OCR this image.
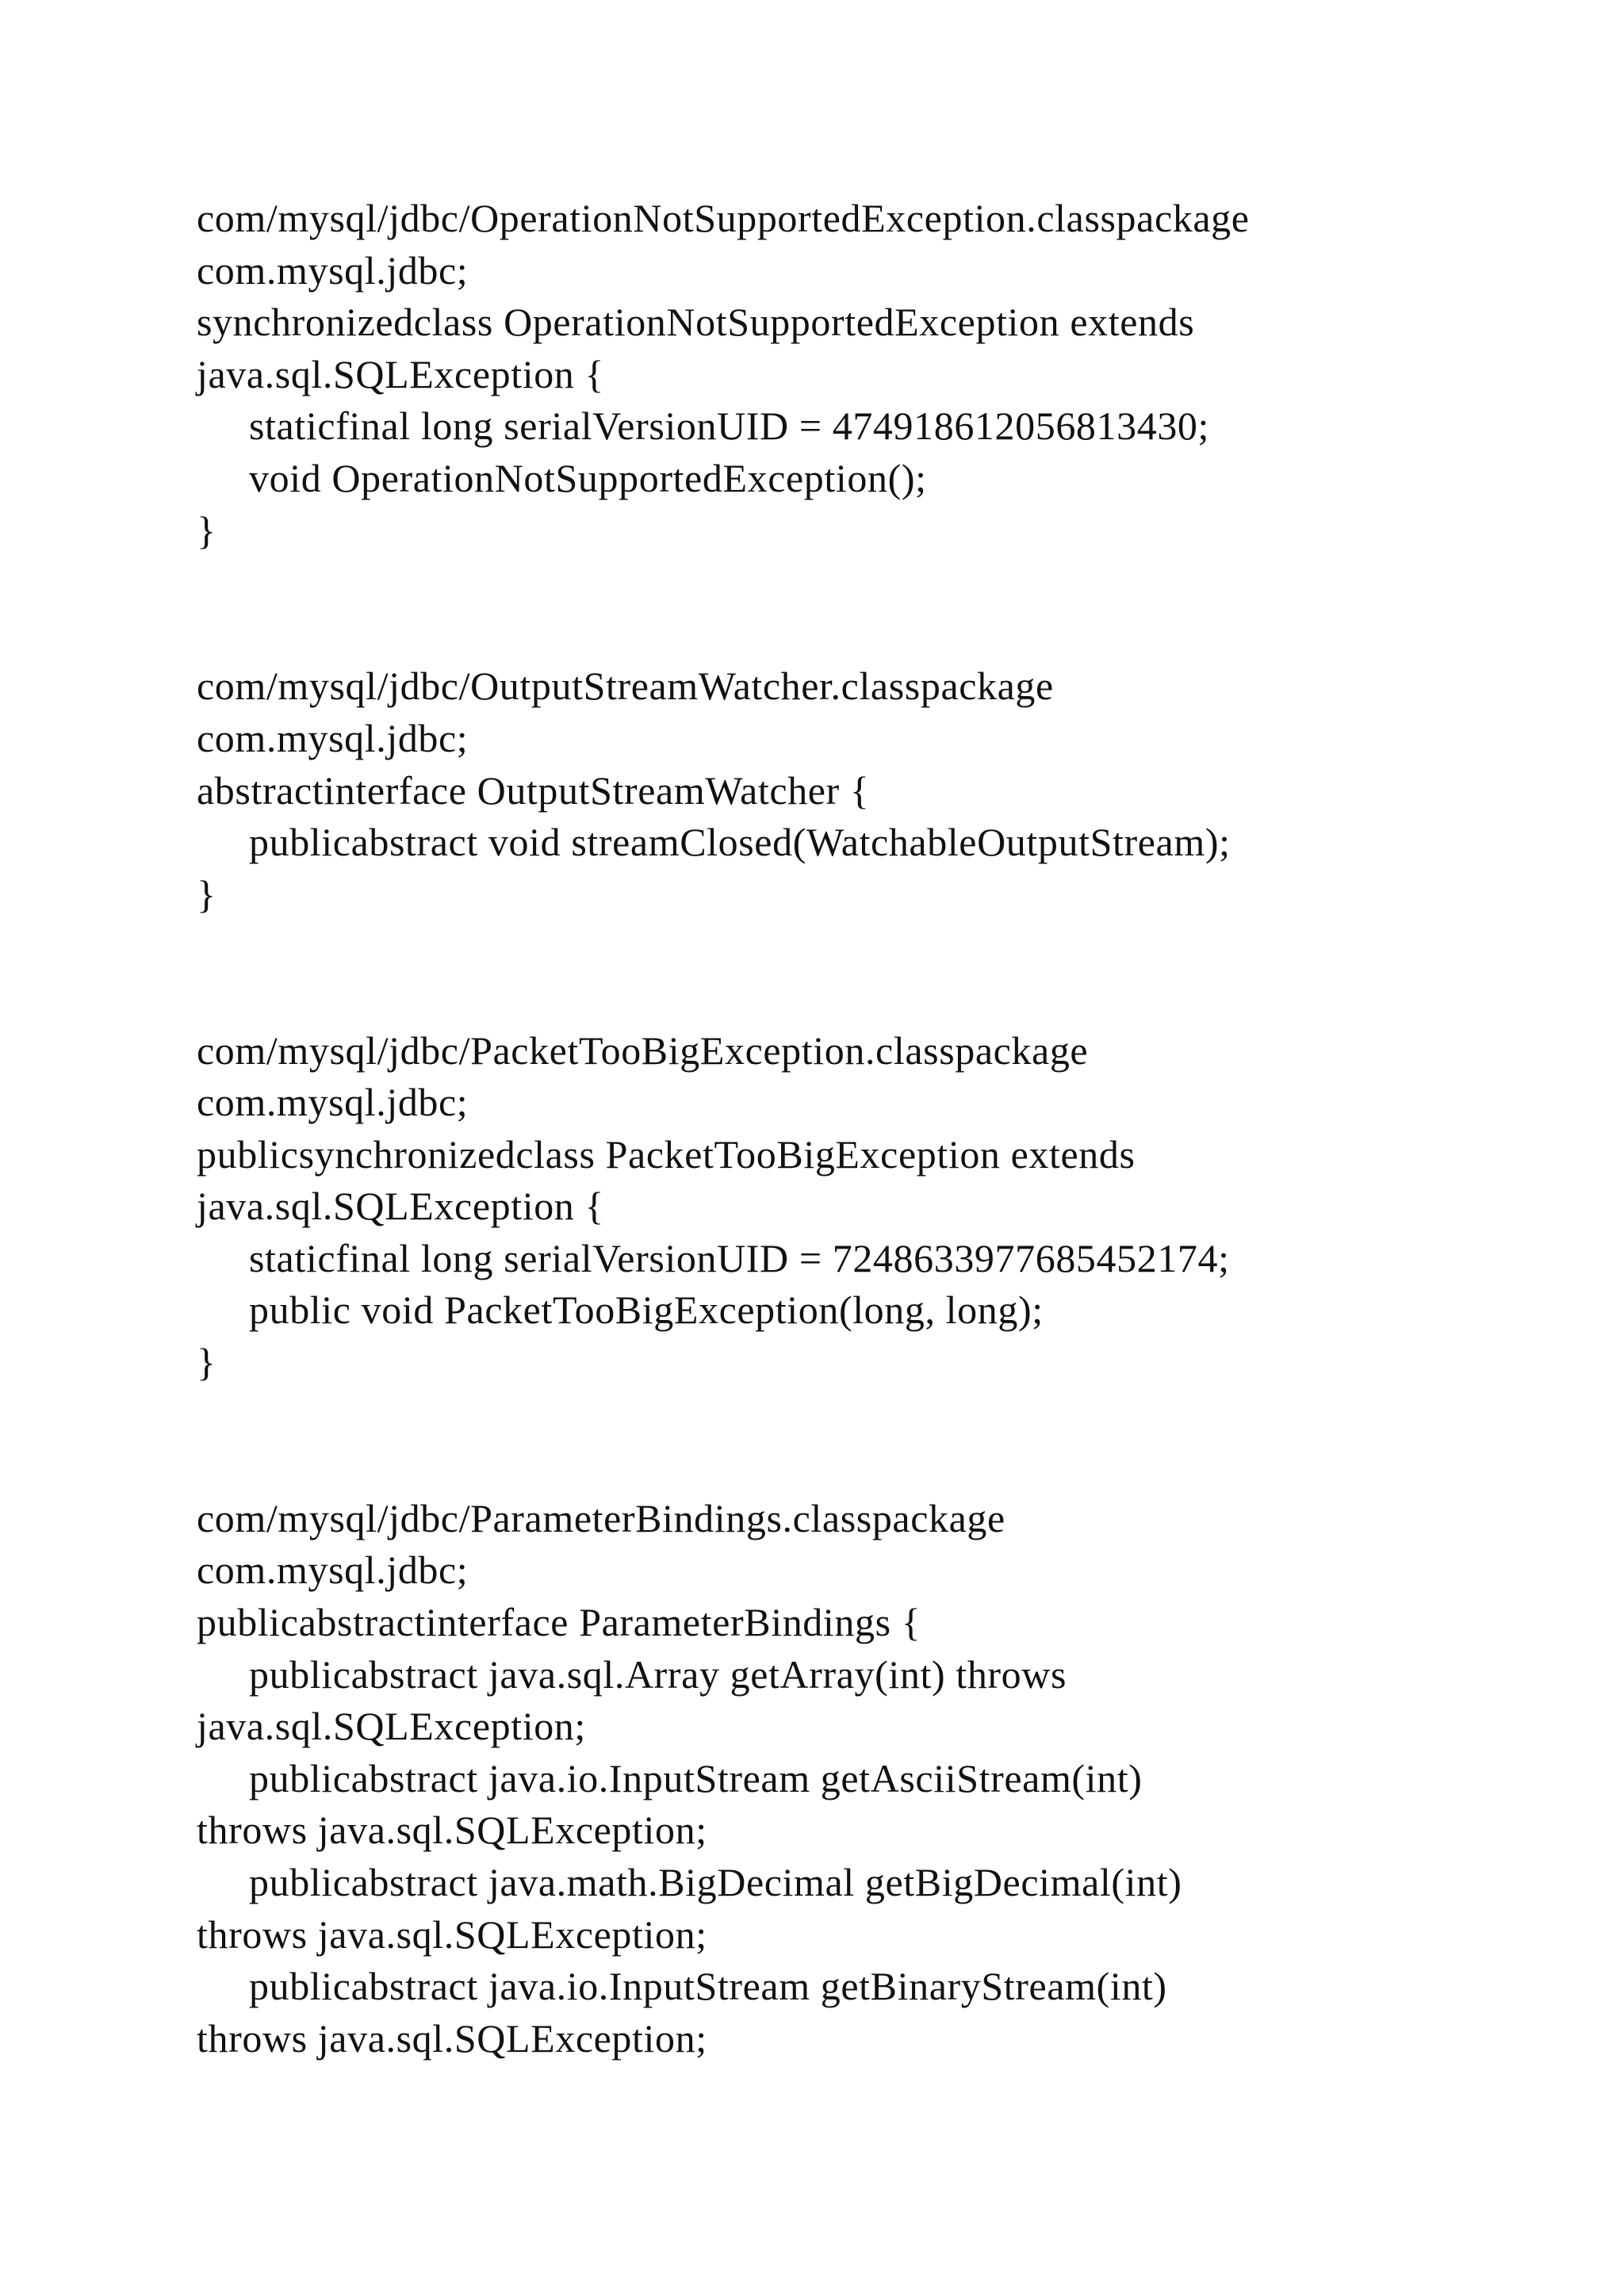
com/mysql/jdbc/OperationNotSupportedException.classpackage
com.mysql.jdbc;
synchronizedclass OperationNotSupportedException extends
java.sql.SQLException {
staticfinal long serialVersionUID = 474918612056813430;
void OperationNotSupportedException();
}
com/mysql/jdbc/OutputStreamWatcher.classpackage
com.mysql.jdbc;
abstractinterface OutputStreamWatcher {
publicabstract void streamClosed(WatchableOutputStream);
}
com/mysql/jdbc/PacketTooBigException.classpackage
com.mysql.jdbc;
publicsynchronizedclass PacketTooBigException extends
java.sql.SQLException {
staticfinal long serialVersionUID = 7248633977685452174;
public void PacketTooBigException(long, long);
}
com/mysql/jdbc/ParameterBindings.classpackage
com.mysql.jdbc;
publicabstractinterface ParameterBindings {
publicabstract java.sql.Array getArray(int) throws
java.sql.SQLException;
publicabstract java.io.InputStream getAsciiStream(int)
throws java.sql.SQLException;
publicabstract java.math.BigDecimal getBigDecimal(int)
throws java.sql.SQLException;
publicabstract java.io.InputStream getBinaryStream(int)
throws java.sql.SQLException;
